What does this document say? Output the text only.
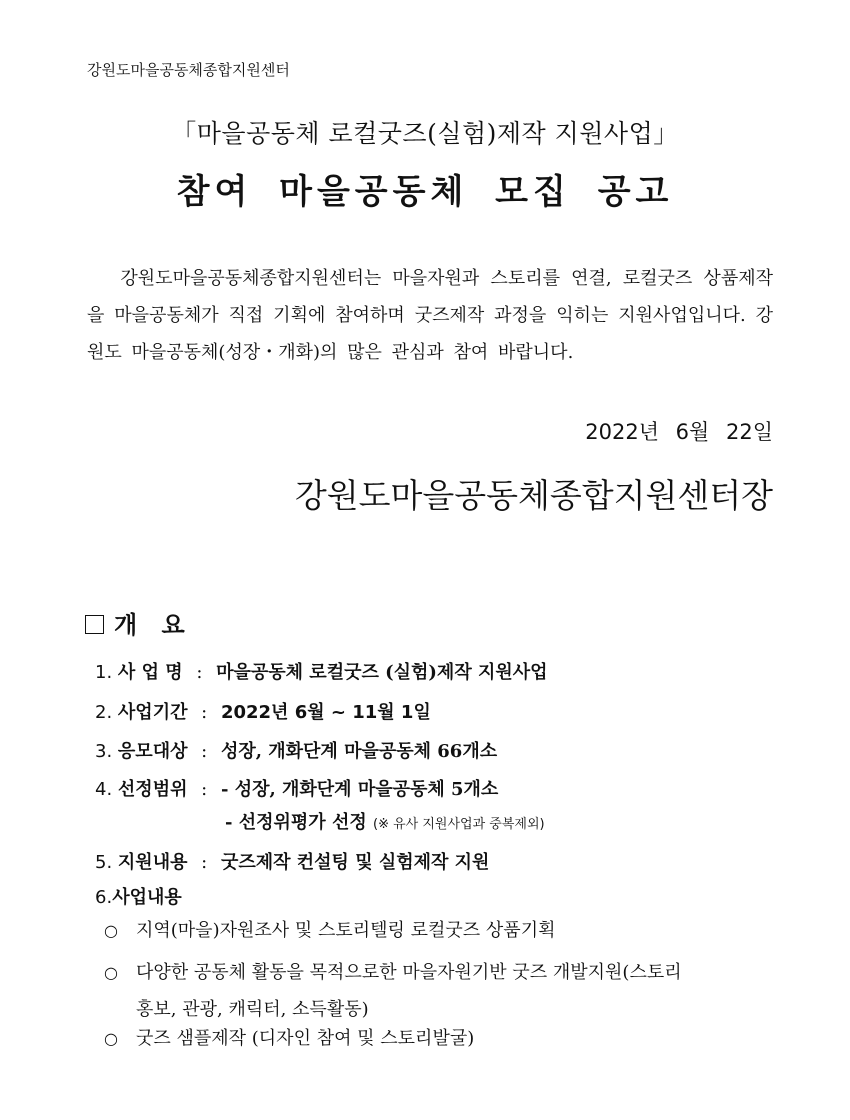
강원도마을공동체종합지원센터
「마을공동체 로컬굿즈(실험)제작 지원사업」
참여 마을공동체 모집 공고
강원도마을공동체종합지원센터는 마을자원과 스토리를 연결, 로컬굿즈 상품제작을 마을공동체가 직접 기획에 참여하며 굿즈제작 과정을 익히는 지원사업입니다. 강원도 마을공동체(성장・개화)의 많은 관심과 참여 바랍니다.
2022년 6월 22일
강원도마을공동체종합지원센터장
개 요
1. 사 업 명 : 마을공동체 로컬굿즈 (실험)제작 지원사업
2. 사업기간 : 2022년 6월 ~ 11월 1일
3. 응모대상 : 성장, 개화단계 마을공동체 66개소
4. 선정범위 : - 성장, 개화단계 마을공동체 5개소
- 선정위평가 선정 (※ 유사 지원사업과 중복제외)
5. 지원내용 : 굿즈제작 컨설팅 및 실험제작 지원
6.사업내용
○	지역(마을)자원조사 및 스토리텔링 로컬굿즈 상품기획
○	다양한 공동체 활동을 목적으로한 마을자원기반 굿즈 개발지원(스토리
홍보, 관광, 캐릭터, 소득활동)
○	굿즈 샘플제작 (디자인 참여 및 스토리발굴)
